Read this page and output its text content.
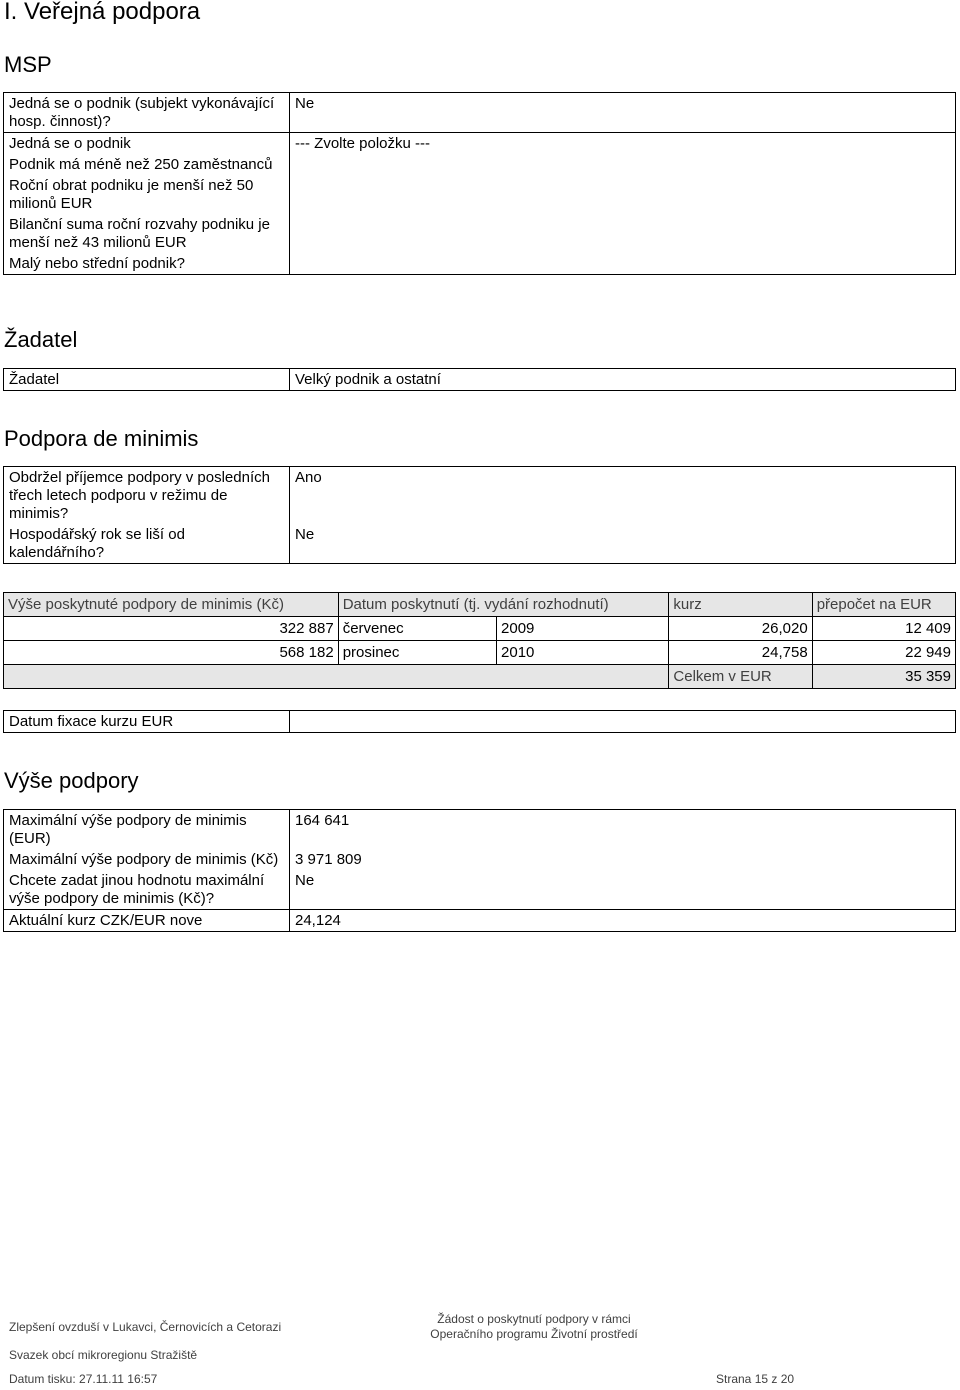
I. Veřejná podpora
MSP
Jedná se o podnik (subjekt vykonávající hosp. činnost)?	Ne
Jedná se o podnik	--- Zvolte položku ---
Podnik má méně než 250 zaměstnanců	
Roční obrat podniku je menší než 50 milionů EUR	
Bilanční suma roční rozvahy podniku je menší než 43 milionů EUR	
Malý nebo střední podnik?	
Žadatel
Žadatel	Velký podnik a ostatní
Podpora de minimis
Obdržel příjemce podpory v posledních třech letech podporu v režimu de minimis?	Ano
Hospodářský rok se liší od kalendářního?	Ne
Výše poskytnuté podpory de minimis (Kč)	Datum poskytnutí (tj. vydání rozhodnutí)		kurz	přepočet na EUR
322 887	červenec	2009	26,020	12 409
568 182	prosinec	2010	24,758	22 949
			Celkem v EUR	35 359
Datum fixace kurzu EUR	
Výše podpory
Maximální výše podpory de minimis (EUR)	164 641
Maximální výše podpory de minimis (Kč)	3 971 809
Chcete zadat jinou hodnotu maximální výše podpory de minimis (Kč)?	Ne
Aktuální kurz CZK/EUR nove	24,124
Zlepšení ovzduší v Lukavci, Černovicích a Cetorazi
Svazek obcí mikroregionu Stražiště
Žádost o poskytnutí podpory v rámci
Operačního programu Životní prostředí
Datum tisku: 27.11.11 16:57	Strana 15 z 20
